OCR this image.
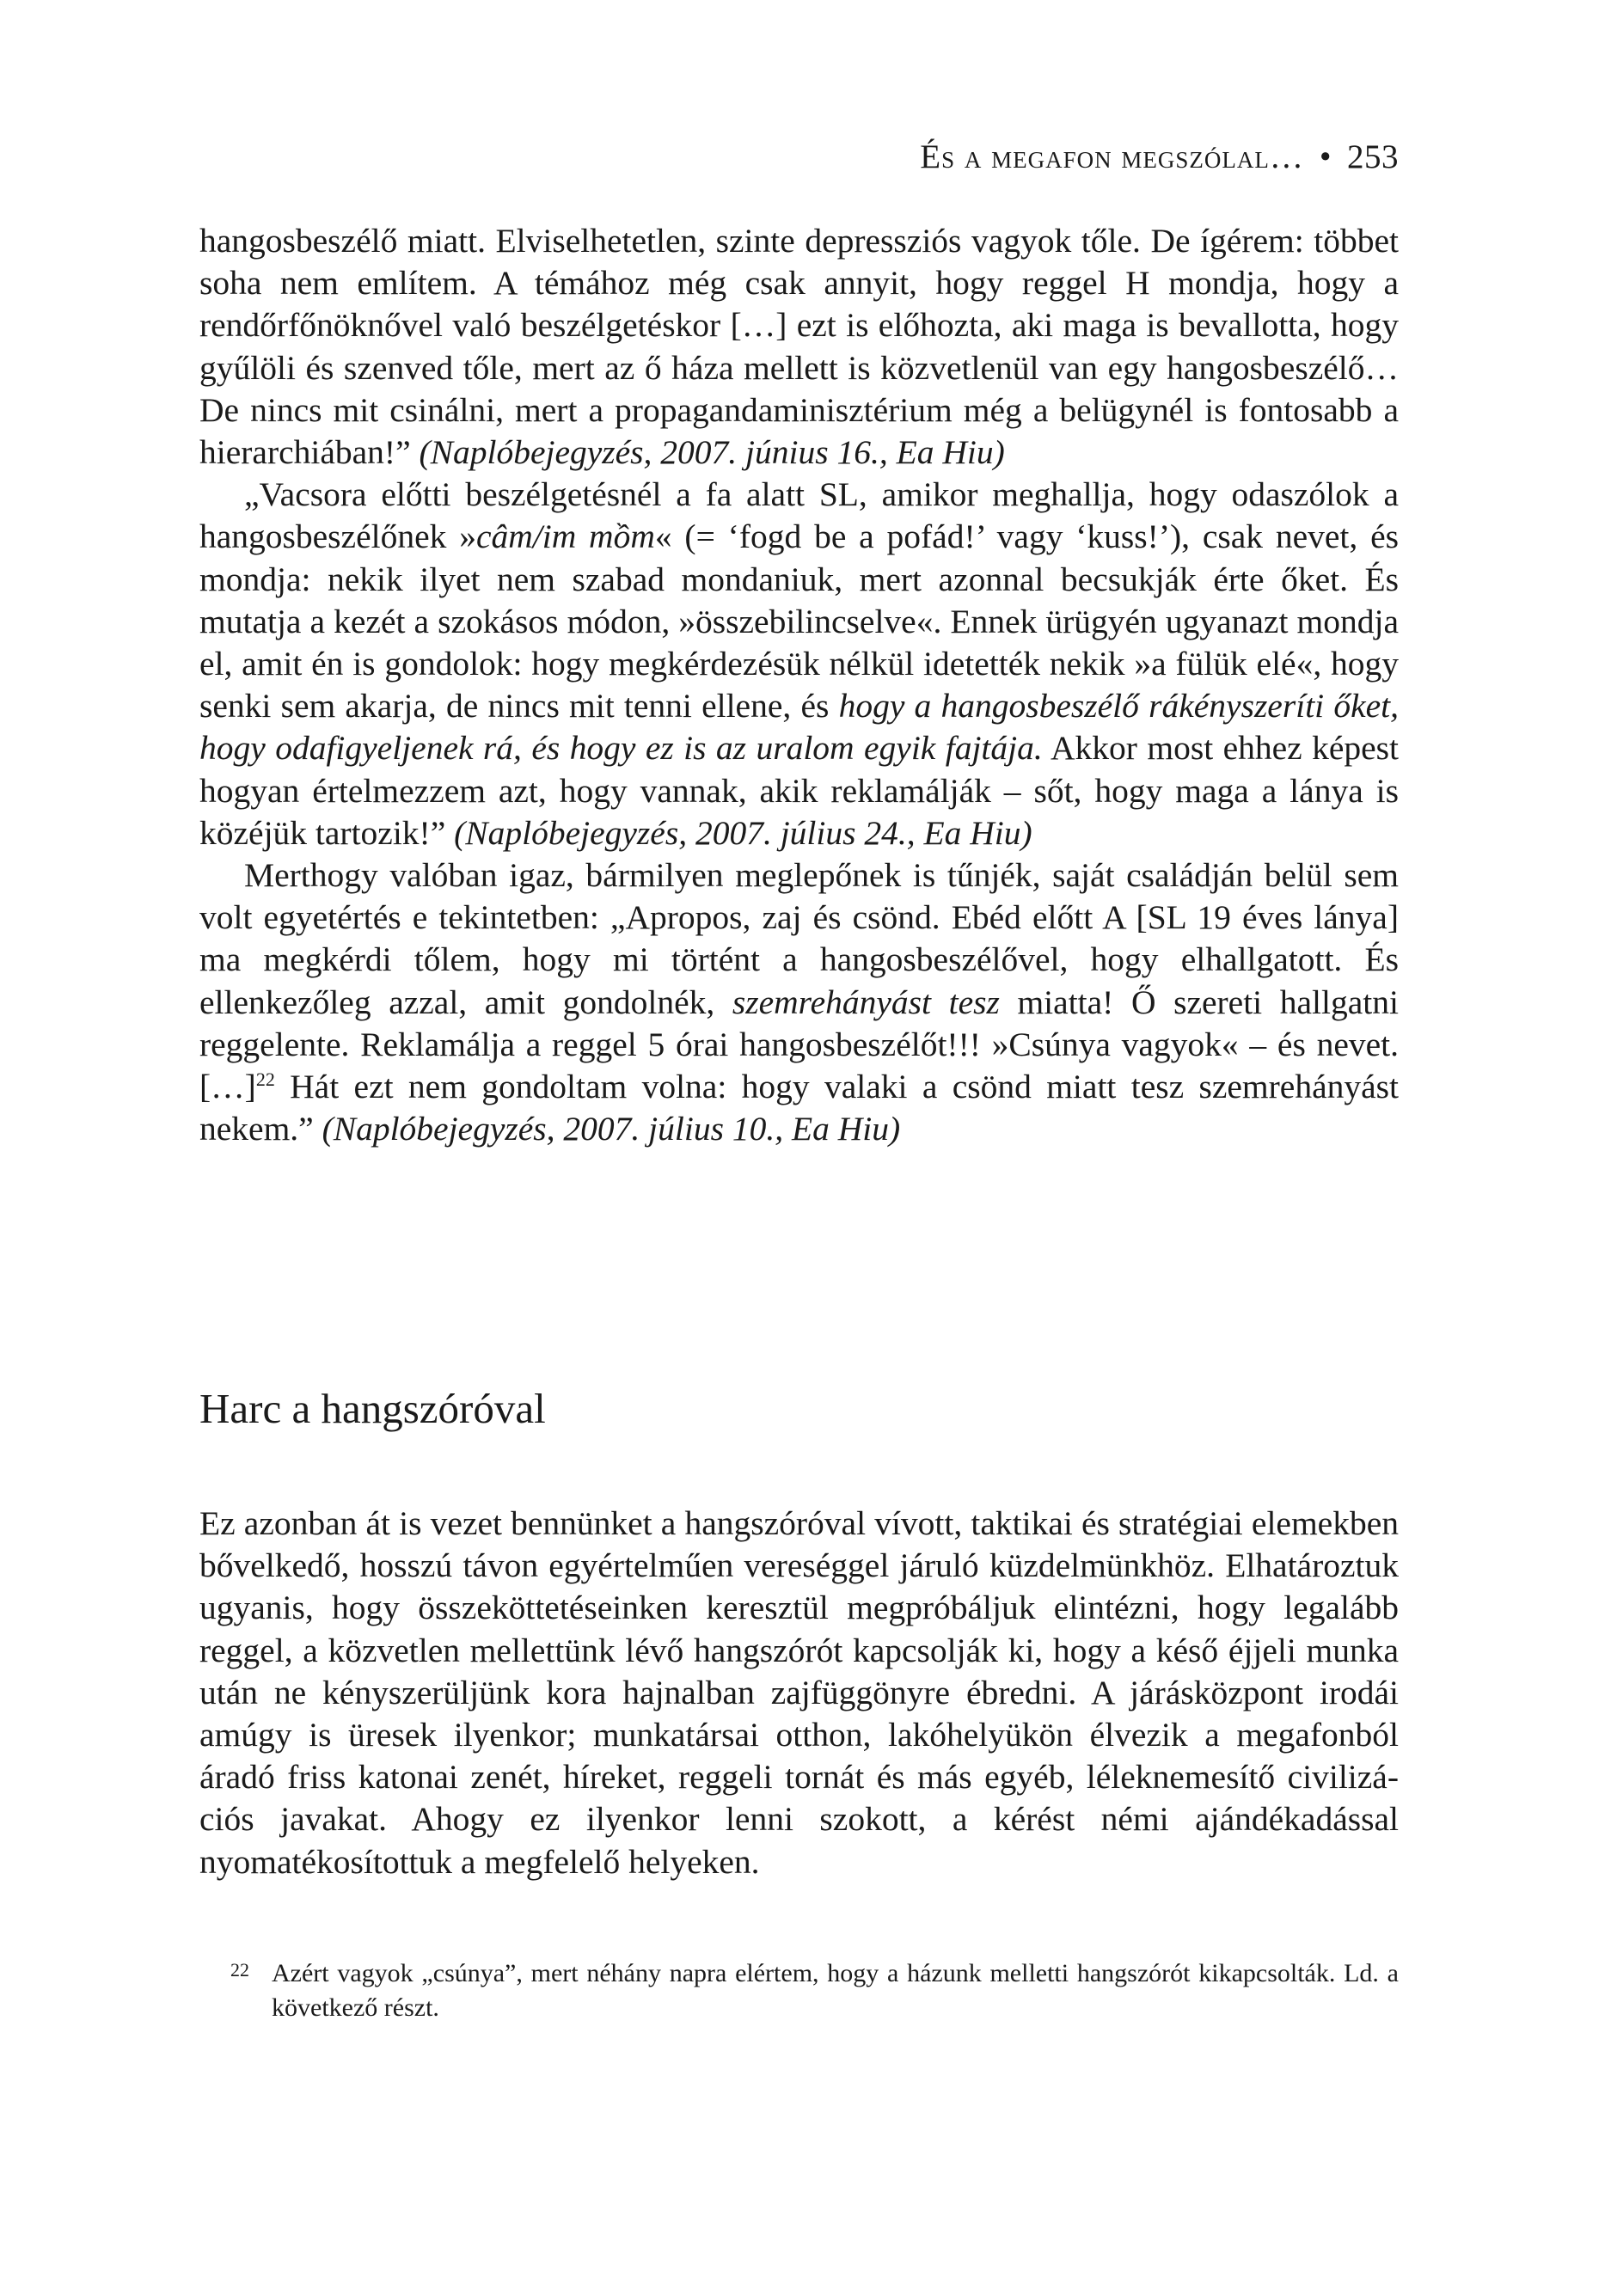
És a megafon megszólal… • 253

hangosbeszélő miatt. Elviselhetetlen, szinte depressziós vagyok tőle. De ígérem: többet soha nem említem. A témához még csak annyit, hogy reggel H mondja, hogy a rendőrfőnöknővel való beszélgetéskor […] ezt is előhozta, aki maga is bevallotta, hogy gyűlöli és szenved tőle, mert az ő háza mellett is közvetlenül van egy hangosbeszélő… De nincs mit csinálni, mert a propagandaminisztérium még a belügynél is fontosabb a hierarchiában!” (Naplóbejegyzés, 2007. június 16., Ea Hiu)

„Vacsora előtti beszélgetésnél a fa alatt SL, amikor meghallja, hogy odaszólok a hangosbeszélőnek »câm/im mồm« (= ‘fogd be a pofád!’ vagy ‘kuss!’), csak nevet, és mondja: nekik ilyet nem szabad mondaniuk, mert azonnal becsukják érte őket. És mutatja a kezét a szokásos módon, »összebilincselve«. Ennek ürügyén ugyanazt mondja el, amit én is gondolok: hogy megkérdezésük nélkül idetették nekik »a fülük elé«, hogy senki sem akarja, de nincs mit tenni ellene, és hogy a hangosbeszélő rákényszeríti őket, hogy odafigyeljenek rá, és hogy ez is az uralom egyik fajtája. Akkor most ehhez képest hogyan értelmezzem azt, hogy vannak, akik reklamálják – sőt, hogy maga a lánya is közéjük tartozik!” (Naplóbejegyzés, 2007. július 24., Ea Hiu)

Merthogy valóban igaz, bármilyen meglepőnek is tűnjék, saját családján belül sem volt egyetértés e tekintetben: „Apropos, zaj és csönd. Ebéd előtt A [SL 19 éves lánya] ma megkérdi tőlem, hogy mi történt a hangosbeszélővel, hogy elhallgatott. És ellenkezőleg azzal, amit gondolnék, szemrehányást tesz miatta! Ő szereti hallgatni reggelente. Reklamálja a reggel 5 órai hangosbeszélőt!!! »Csúnya vagyok« – és nevet. […]$^{22}$ Hát ezt nem gondoltam volna: hogy valaki a csönd miatt tesz szemrehányást nekem.” (Naplóbejegyzés, 2007. július 10., Ea Hiu)

Harc a hangszóróval

Ez azonban át is vezet bennünket a hangszóróval vívott, taktikai és stratégiai elemekben bővelkedő, hosszú távon egyértelműen vereséggel járuló küzdelmünkhöz. Elhatároztuk ugyanis, hogy összeköttetéseinken keresztül megpróbáljuk elintézni, hogy legalább reggel, a közvetlen mellettünk lévő hangszórót kapcsolják ki, hogy a késő éjjeli munka után ne kényszerüljünk kora hajnalban zajfüggönyre ébredni. A járásközpont irodái amúgy is üresek ilyenkor; munkatársai otthon, lakóhelyükön élvezik a megafonból áradó friss katonai zenét, híreket, reggeli tornát és más egyéb, léleknemesítő civilizációs javakat. Ahogy ez ilyenkor lenni szokott, a kérést némi ajándékadással nyomatékosítottuk a megfelelő helyeken.

22 Azért vagyok „csúnya”, mert néhány napra elértem, hogy a házunk melletti hangszórót kikapcsolták. Ld. a következő részt.
